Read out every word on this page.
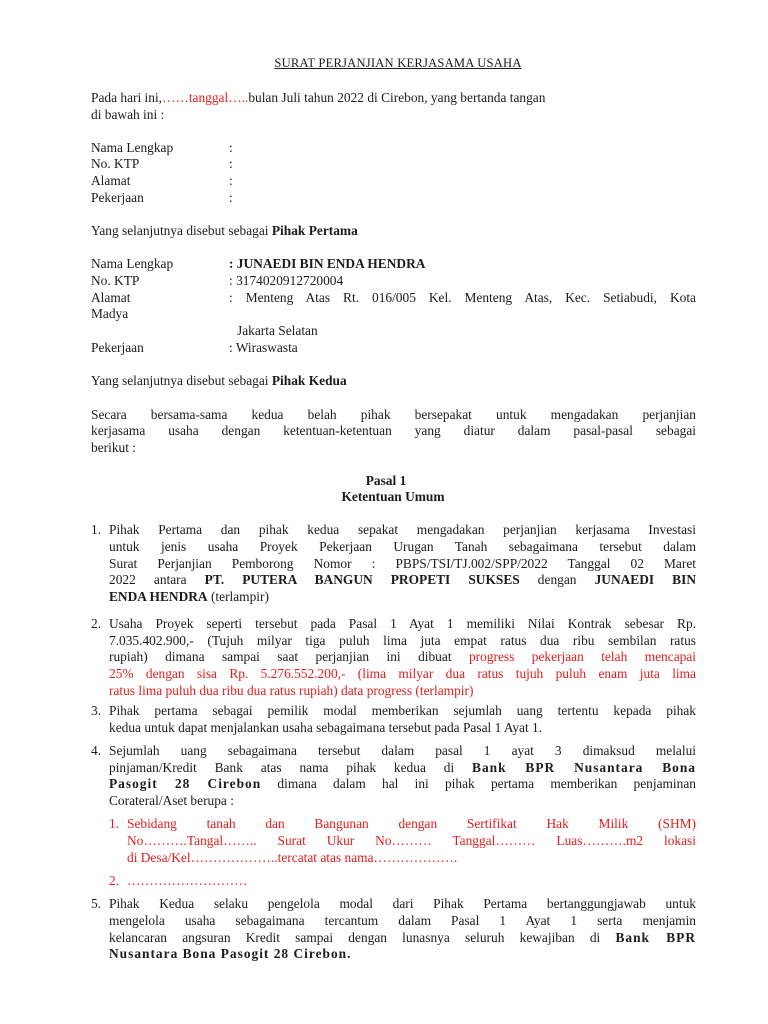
SURAT PERJANJIAN KERJASAMA USAHA
Pada hari ini,……tanggal…..bulan Juli tahun 2022 di Cirebon, yang bertanda tangan
di bawah ini :
Nama Lengkap	:
No. KTP	:
Alamat	:
Pekerjaan	:
Yang selanjutnya disebut sebagai Pihak Pertama
Nama Lengkap	: JUNAEDI BIN ENDA HENDRA
No. KTP	: 3174020912720004
Alamat	: Menteng Atas Rt. 016/005 Kel. Menteng Atas, Kec. Setiabudi, Kota
Madya
Jakarta Selatan
Pekerjaan	: Wiraswasta
Yang selanjutnya disebut sebagai Pihak Kedua
Secara bersama-sama kedua belah pihak bersepakat untuk mengadakan perjanjian
kerjasama usaha dengan ketentuan-ketentuan yang diatur dalam pasal-pasal sebagai
berikut :
Pasal 1
Ketentuan Umum
1. Pihak Pertama dan pihak kedua sepakat mengadakan perjanjian kerjasama Investasi
untuk jenis usaha Proyek Pekerjaan Urugan Tanah sebagaimana tersebut dalam
Surat Perjanjian Pemborong Nomor : PBPS/TSI/TJ.002/SPP/2022 Tanggal 02 Maret
2022 antara PT. PUTERA BANGUN PROPETI SUKSES dengan JUNAEDI BIN
ENDA HENDRA (terlampir)
2. Usaha Proyek seperti tersebut pada Pasal 1 Ayat 1 memiliki Nilai Kontrak sebesar Rp.
7.035.402.900,- (Tujuh milyar tiga puluh lima juta empat ratus dua ribu sembilan ratus
rupiah) dimana sampai saat perjanjian ini dibuat progress pekerjaan telah mencapai
25% dengan sisa Rp. 5.276.552.200,- (lima milyar dua ratus tujuh puluh enam juta lima
ratus lima puluh dua ribu dua ratus rupiah) data progress (terlampir)
3. Pihak pertama sebagai pemilik modal memberikan sejumlah uang tertentu kepada pihak
kedua untuk dapat menjalankan usaha sebagaimana tersebut pada Pasal 1 Ayat 1.
4. Sejumlah uang sebagaimana tersebut dalam pasal 1 ayat 3 dimaksud melalui
pinjaman/Kredit Bank atas nama pihak kedua di Bank BPR Nusantara Bona
Pasogit 28 Cirebon dimana dalam hal ini pihak pertama memberikan penjaminan
Corateral/Aset berupa :
1. Sebidang tanah dan Bangunan dengan Sertifikat Hak Milik (SHM)
No……….Tangal…….. Surat Ukur No……… Tanggal……… Luas……….m2 lokasi
di Desa/Kel………………..tercatat atas nama……………….
2. ………………………
5. Pihak Kedua selaku pengelola modal dari Pihak Pertama bertanggungjawab untuk
mengelola usaha sebagaimana tercantum dalam Pasal 1 Ayat 1 serta menjamin
kelancaran angsuran Kredit sampai dengan lunasnya seluruh kewajiban di Bank BPR
Nusantara Bona Pasogit 28 Cirebon.
